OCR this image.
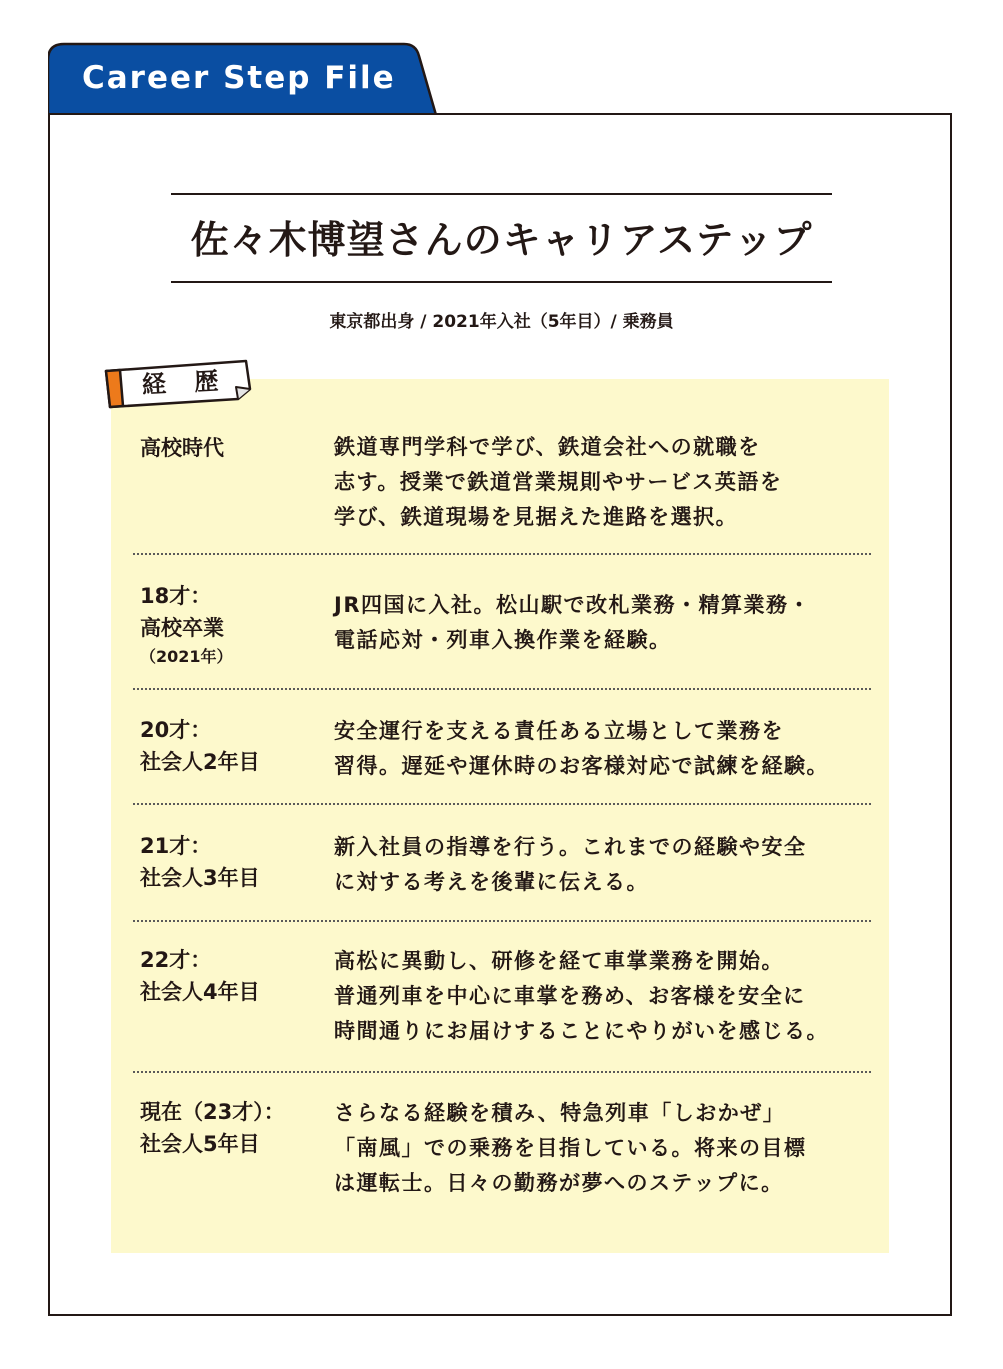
Career Step File
佐々木博望さんのキャリアステップ
東京都出身 / 2021年入社（5年目）/ 乗務員
経 歴
高校時代	鉄道専門学科で学び、鉄道会社への就職を
志す。授業で鉄道営業規則やサービス英語を
学び、鉄道現場を見据えた進路を選択。
18才：
高校卒業
（2021年）
JR四国に入社。松山駅で改札業務・精算業務・
電話応対・列車入換作業を経験。
20才：
社会人2年目
安全運行を支える責任ある立場として業務を
習得。遅延や運休時のお客様対応で試練を経験。
21才：
社会人3年目
新入社員の指導を行う。これまでの経験や安全
に対する考えを後輩に伝える。
22才：
社会人4年目
高松に異動し、研修を経て車掌業務を開始。
普通列車を中心に車掌を務め、お客様を安全に
時間通りにお届けすることにやりがいを感じる。
現在（23才）：
社会人5年目
さらなる経験を積み、特急列車「しおかぜ」
「南風」での乗務を目指している。将来の目標
は運転士。日々の勤務が夢へのステップに。
